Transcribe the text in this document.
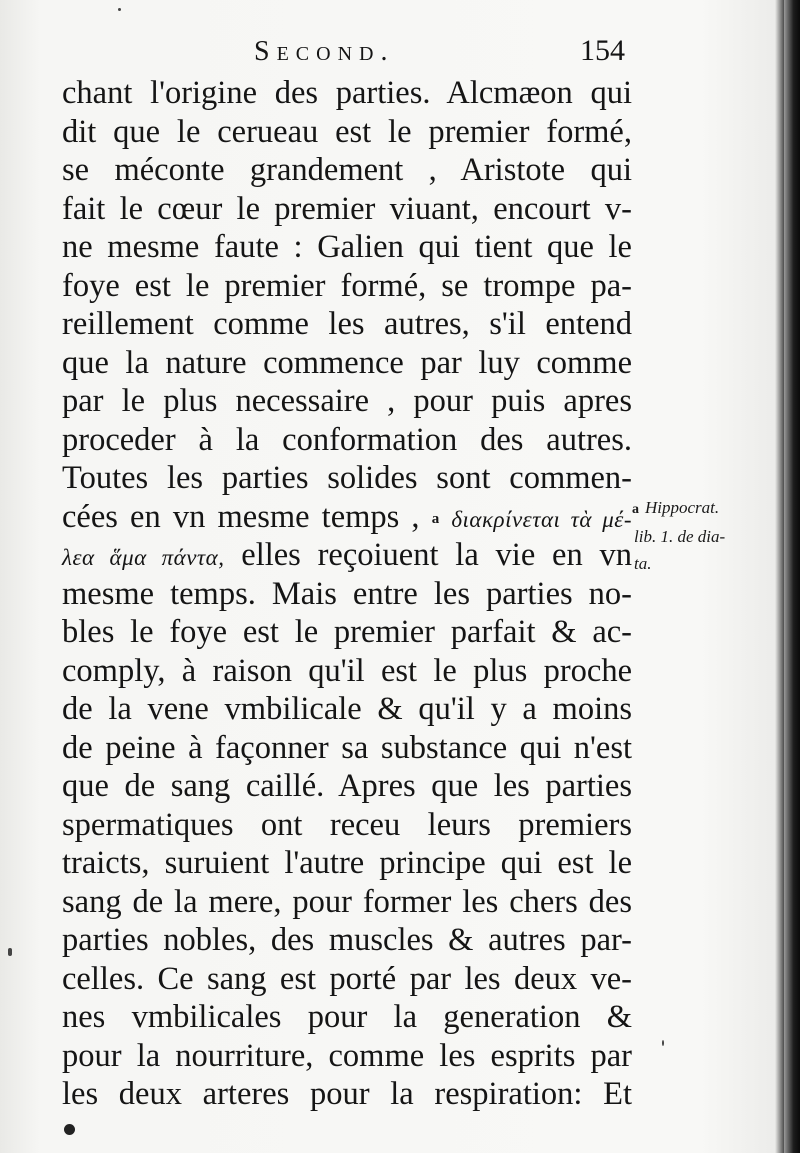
Second.	154
chant l'origine des parties. Alcmæon qui
dit que le cerueau est le premier formé,
se méconte grandement , Aristote qui
fait le cœur le premier viuant, encourt v-
ne mesme faute : Galien qui tient que le
foye est le premier formé, se trompe pa-
reillement comme les autres, s'il entend
que la nature commence par luy comme
par le plus necessaire , pour puis apres
proceder à la conformation des autres.
Toutes les parties solides sont commen-
cées en vn mesme temps , a διακρίνεται τὰ μέ-
λεα ἅμα πάντα, elles reçoiuent la vie en vn
mesme temps. Mais entre les parties no-
bles le foye est le premier parfait & ac-
comply, à raison qu'il est le plus proche
de la vene vmbilicale & qu'il y a moins
de peine à façonner sa substance qui n'est
que de sang caillé. Apres que les parties
spermatiques ont receu leurs premiers
traicts, suruient l'autre principe qui est le
sang de la mere, pour former les chers des
parties nobles, des muscles & autres par-
celles. Ce sang est porté par les deux ve-
nes vmbilicales pour la generation &
pour la nourriture, comme les esprits par
les deux arteres pour la respiration: Et
a Hippocrat.
lib. 1. de dia-
ta.
